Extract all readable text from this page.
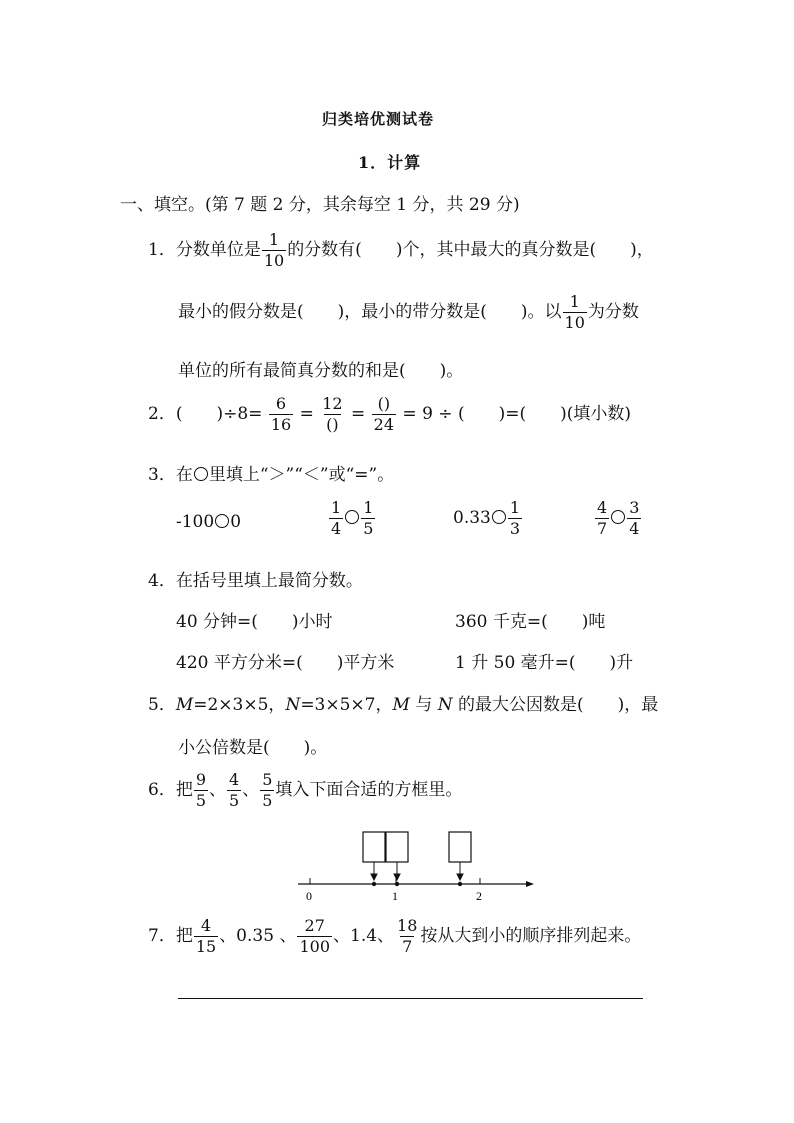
归类培优测试卷
1．计算
一、填空。(第 7 题 2 分，其余每空 1 分，共 29 分)
1．分数单位是 $\frac{1}{10}$ 的分数有(　　)个，其中最大的真分数是(　　)，
最小的假分数是(　　)，最小的带分数是(　　)。以 $\frac{1}{10}$ 为分数
单位的所有最简真分数的和是(　　)。
2．(　　)$\div 8= \frac{6}{16} = \frac{12}{()} = \frac{()}{24} = 9$ ÷ (　　)=(　　)(填小数)
3．在 里填上“＞”“＜”或“=”。
-100 0	$\frac{1}{4} \frac{1}{5}$	$0.33 \frac{1}{3}$	$\frac{4}{7} \frac{3}{4}$
4．在括号里填上最简分数。
40 分钟=(　　)小时	360 千克=(　　)吨
420 平方分米=(　　)平方米	1 升 50 毫升=(　　)升
5．M=2×3×5，N=3×5×7，M 与 N 的最大公因数是(　　)，最
小公倍数是(　　)。
6．把 $\frac{9}{5}$ 、 $\frac{4}{5}$ 、 $\frac{5}{5}$ 填入下面合适的方框里。
0	1	2
7．把 $\frac{4}{15}$ 、0.35 、 $\frac{27}{100}$ 、1.4、 $\frac{18}{7}$ 按从大到小的顺序排列起来。
